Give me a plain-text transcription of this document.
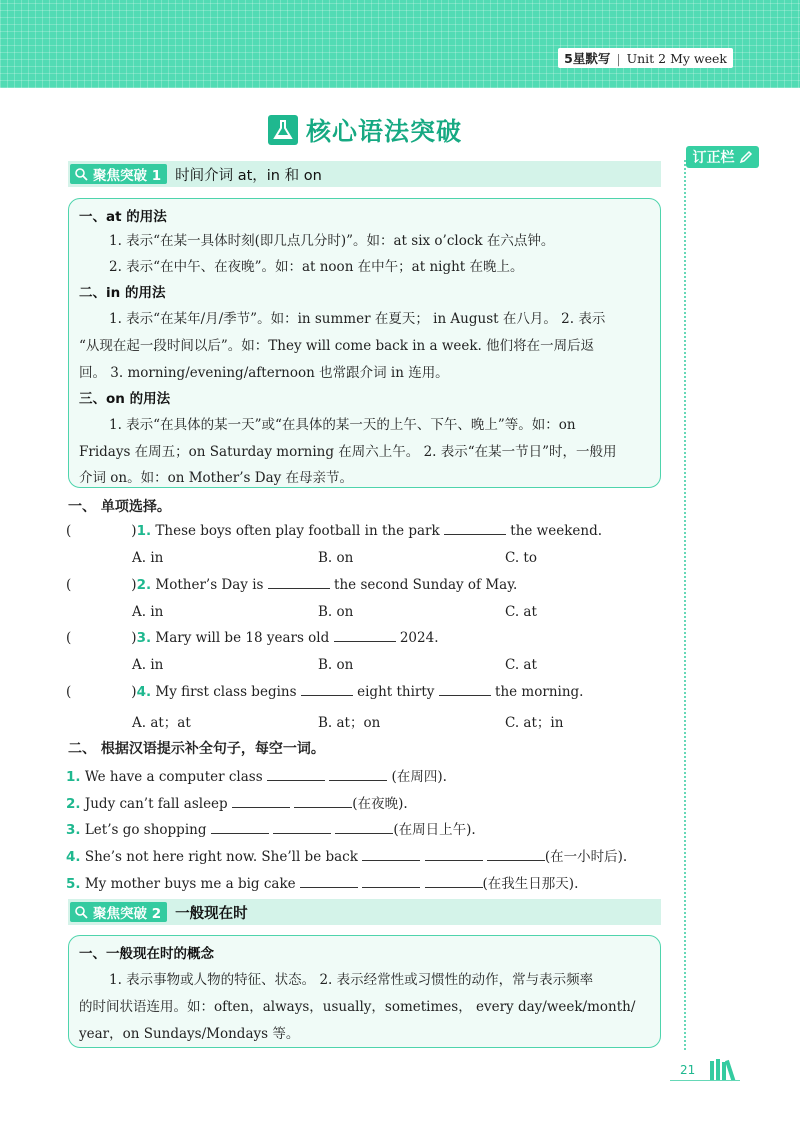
5星默写 | Unit 2 My week
核心语法突破
订正栏
聚焦突破 1 时间介词 at，in 和 on
一、at 的用法
1. 表示“在某一具体时刻(即几点几分时)”。如：at six o’clock 在六点钟。
2. 表示“在中午、在夜晚”。如：at noon 在中午；at night 在晚上。
二、in 的用法
1. 表示“在某年/月/季节”。如：in summer 在夏天； in August 在八月。 2. 表示
“从现在起一段时间以后”。如：They will come back in a week. 他们将在一周后返
回。 3. morning/evening/afternoon 也常跟介词 in 连用。
三、on 的用法
1. 表示“在具体的某一天”或“在具体的某一天的上午、下午、晚上”等。如：on
Fridays 在周五；on Saturday morning 在周六上午。 2. 表示“在某一节日”时，一般用
介词 on。如：on Mother’s Day 在母亲节。
一、 单项选择。
(	)1. These boys often play football in the park	the weekend.
A. in	B. on	C. to
(	)2. Mother’s Day is	the second Sunday of May.
A. in	B. on	C. at
(	)3. Mary will be 18 years old	2024.
A. in	B. on	C. at
(	)4. My first class begins	eight thirty	the morning.
A. at；at	B. at；on	C. at；in
二、 根据汉语提示补全句子，每空一词。
1. We have a computer class	(在周四).
2. Judy can’t fall asleep	(在夜晚).
3. Let’s go shopping	(在周日上午).
4. She’s not here right now. She’ll be back	(在一小时后).
5. My mother buys me a big cake	(在我生日那天).
聚焦突破 2 一般现在时
一、一般现在时的概念
1. 表示事物或人物的特征、状态。 2. 表示经常性或习惯性的动作，常与表示频率
的时间状语连用。如：often，always，usually，sometimes， every day/week/month/
year，on Sundays/Mondays 等。
21
